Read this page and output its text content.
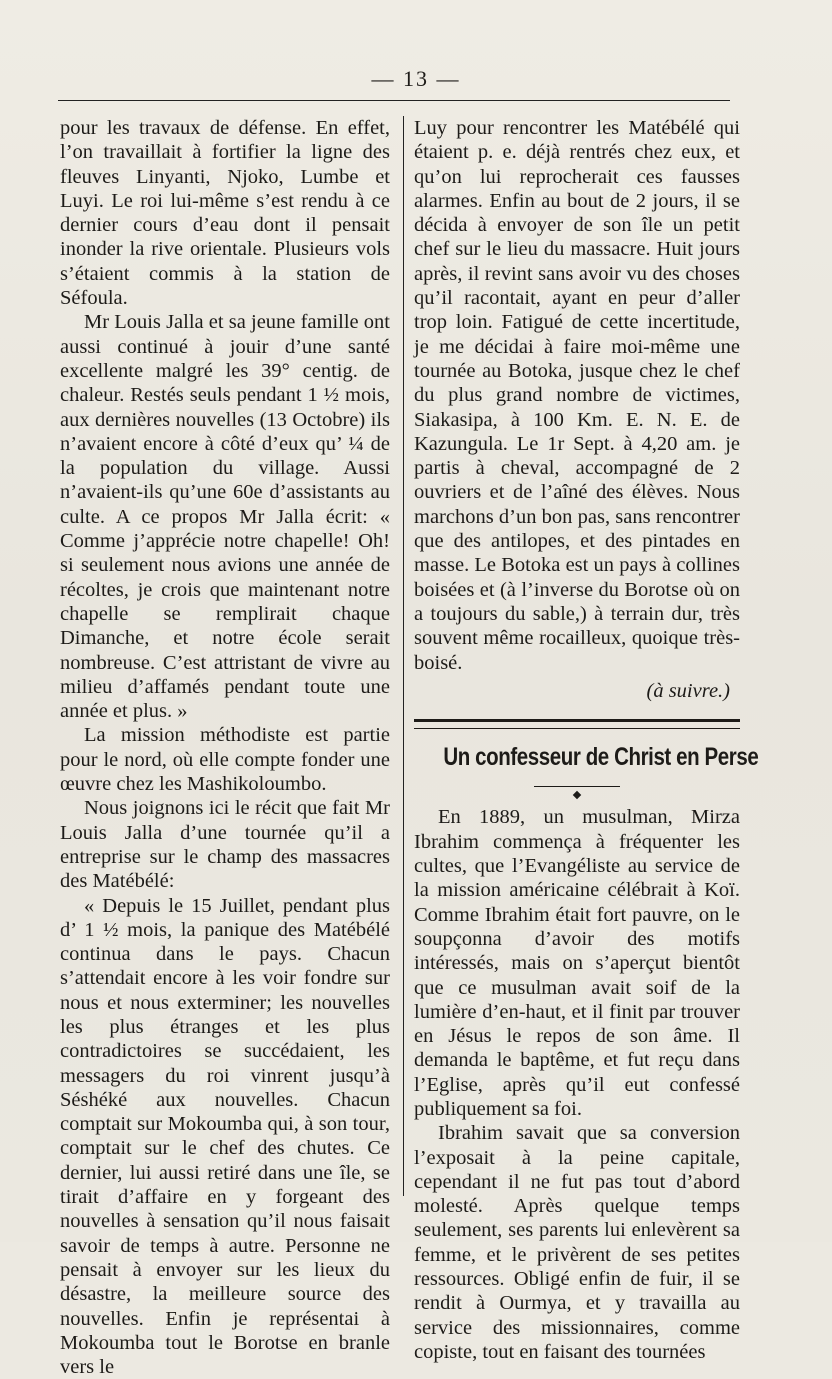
— 13 —

pour les travaux de défense. En effet, l’on travaillait à fortifier la ligne des fleuves Linyanti, Njoko, Lumbe et Luyi. Le roi lui-même s’est rendu à ce dernier cours d’eau dont il pensait inonder la rive orientale. Plusieurs vols s’étaient commis à la station de Séfoula.

Mr Louis Jalla et sa jeune famille ont aussi continué à jouir d’une santé excellente malgré les 39° centig. de chaleur. Restés seuls pendant 1 ½ mois, aux dernières nouvelles (13 Octobre) ils n’avaient encore à côté d’eux qu’ ¼ de la population du village. Aussi n’avaient-ils qu’une 60e d’assistants au culte. A ce propos Mr Jalla écrit: « Comme j’apprécie notre chapelle! Oh! si seulement nous avions une année de récoltes, je crois que maintenant notre chapelle se remplirait chaque Dimanche, et notre école serait nombreuse. C’est attristant de vivre au milieu d’affamés pendant toute une année et plus. »

La mission méthodiste est partie pour le nord, où elle compte fonder une œuvre chez les Mashikoloumbo.

Nous joignons ici le récit que fait Mr Louis Jalla d’une tournée qu’il a entreprise sur le champ des massacres des Matébélé:

« Depuis le 15 Juillet, pendant plus d’ 1 ½ mois, la panique des Matébélé continua dans le pays. Chacun s’attendait encore à les voir fondre sur nous et nous exterminer; les nouvelles les plus étranges et les plus contradictoires se succédaient, les messagers du roi vinrent jusqu’à Séshéké aux nouvelles. Chacun comptait sur Mokoumba qui, à son tour, comptait sur le chef des chutes. Ce dernier, lui aussi retiré dans une île, se tirait d’affaire en y forgeant des nouvelles à sensation qu’il nous faisait savoir de temps à autre. Personne ne pensait à envoyer sur les lieux du désastre, la meilleure source des nouvelles. Enfin je représentai à Mokoumba tout le Borotse en branle vers le

Luy pour rencontrer les Matébélé qui étaient p. e. déjà rentrés chez eux, et qu’on lui reprocherait ces fausses alarmes. Enfin au bout de 2 jours, il se décida à envoyer de son île un petit chef sur le lieu du massacre. Huit jours après, il revint sans avoir vu des choses qu’il racontait, ayant en peur d’aller trop loin. Fatigué de cette incertitude, je me décidai à faire moi-même une tournée au Botoka, jusque chez le chef du plus grand nombre de victimes, Siakasipa, à 100 Km. E. N. E. de Kazungula. Le 1r Sept. à 4,20 am. je partis à cheval, accompagné de 2 ouvriers et de l’aîné des élèves. Nous marchons d’un bon pas, sans rencontrer que des antilopes, et des pintades en masse. Le Botoka est un pays à collines boisées et (à l’inverse du Borotse où on a toujours du sable,) à terrain dur, très souvent même rocailleux, quoique très-boisé.

(à suivre.)

Un confesseur de Christ en Perse

En 1889, un musulman, Mirza Ibrahim commença à fréquenter les cultes, que l’Evangéliste au service de la mission américaine célébrait à Koï. Comme Ibrahim était fort pauvre, on le soupçonna d’avoir des motifs intéressés, mais on s’aperçut bientôt que ce musulman avait soif de la lumière d’en-haut, et il finit par trouver en Jésus le repos de son âme. Il demanda le baptême, et fut reçu dans l’Eglise, après qu’il eut confessé publiquement sa foi.

Ibrahim savait que sa conversion l’exposait à la peine capitale, cependant il ne fut pas tout d’abord molesté. Après quelque temps seulement, ses parents lui enlevèrent sa femme, et le privèrent de ses petites ressources. Obligé enfin de fuir, il se rendit à Ourmya, et y travailla au service des missionnaires, comme copiste, tout en faisant des tournées
